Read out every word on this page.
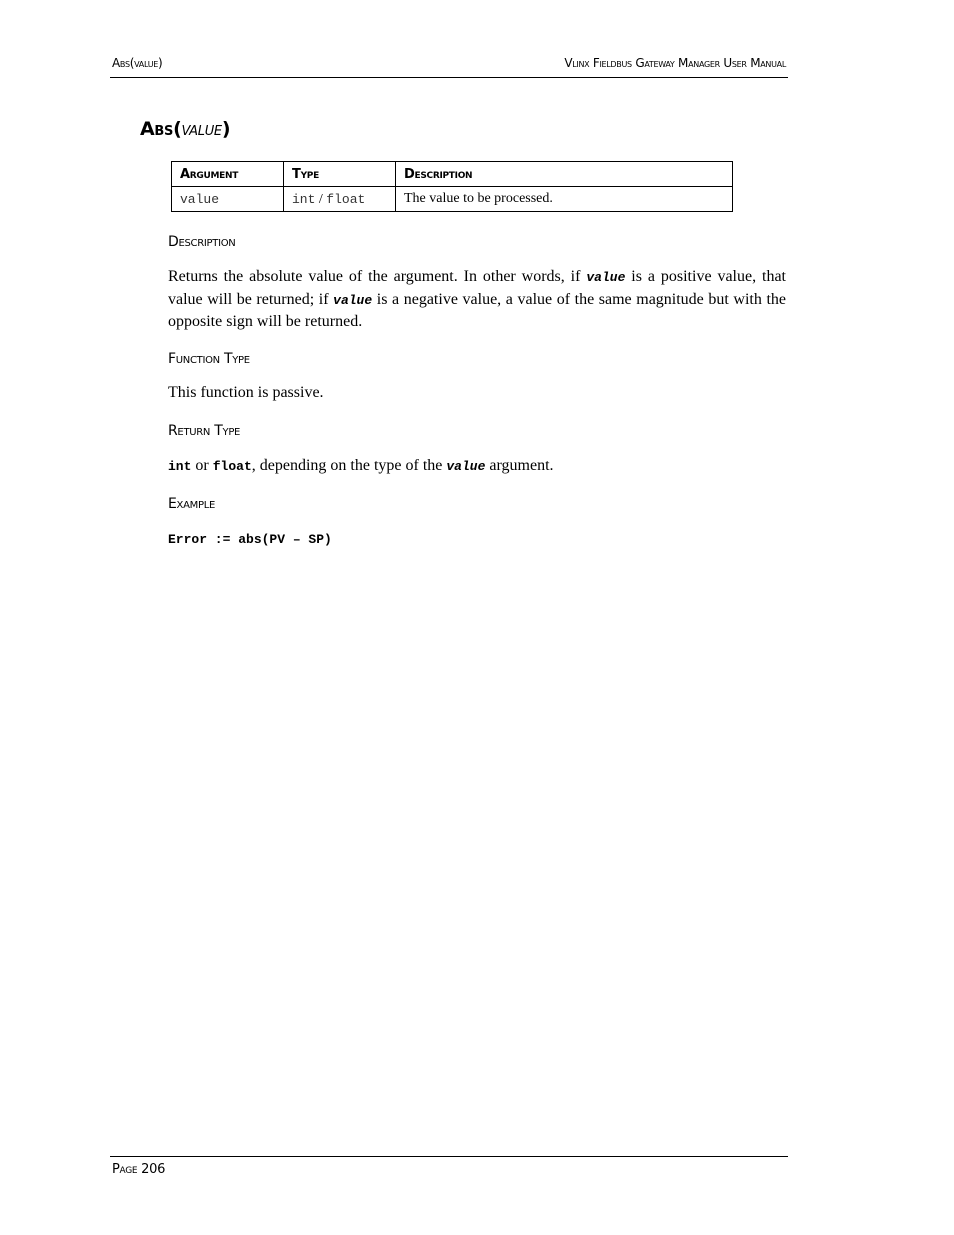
Abs(value)	Vlinx Fieldbus Gateway Manager User Manual
Abs(value)
Argument	Type	Description
value	int / float	The value to be processed.
Description
Returns the absolute value of the argument. In other words, if value is a positive value, that value will be returned; if value is a negative value, a value of the same magnitude but with the opposite sign will be returned.
Function Type
This function is passive.
Return Type
int or float, depending on the type of the value argument.
Example
Error := abs(PV – SP)
Page 206
